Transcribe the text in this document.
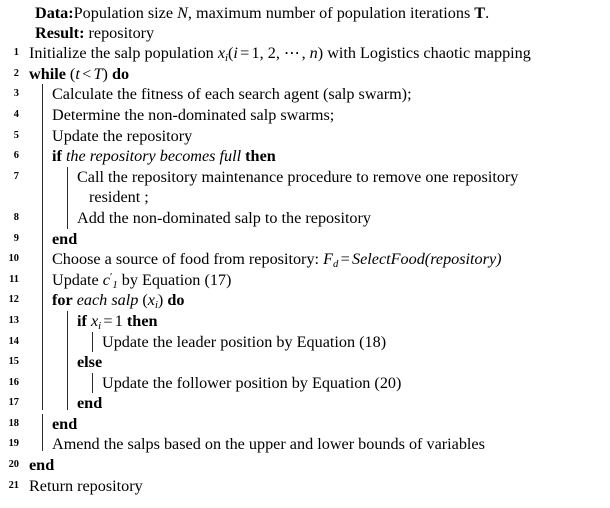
Data:Population size N, maximum number of population iterations T.
Result: repository
1 Initialize the salp population $x_i(i = 1$, 2, ⋯, n) with Logistics chaotic mapping
2 while (t < T) do
3 Calculate the fitness of each search agent (salp swarm);
4 Determine the non-dominated salp swarms;
5 Update the repository
6 if the repository becomes full then
7	Call the repository maintenance procedure to remove one repository
resident ;
8	Add the non-dominated salp to the repository
9 end
10 Choose a source of food from repository: $F_d$ = SelectFood(repository)
11 Update $c'_1$ by Equation (17)
12 for each salp $(x_i)$ do
13	if $x_i = 1$ then
14	Update the leader position by Equation (18)
15	else
16	Update the follower position by Equation (20)
17	end
18 end
19 Amend the salps based on the upper and lower bounds of variables
20 end
21 Return repository
